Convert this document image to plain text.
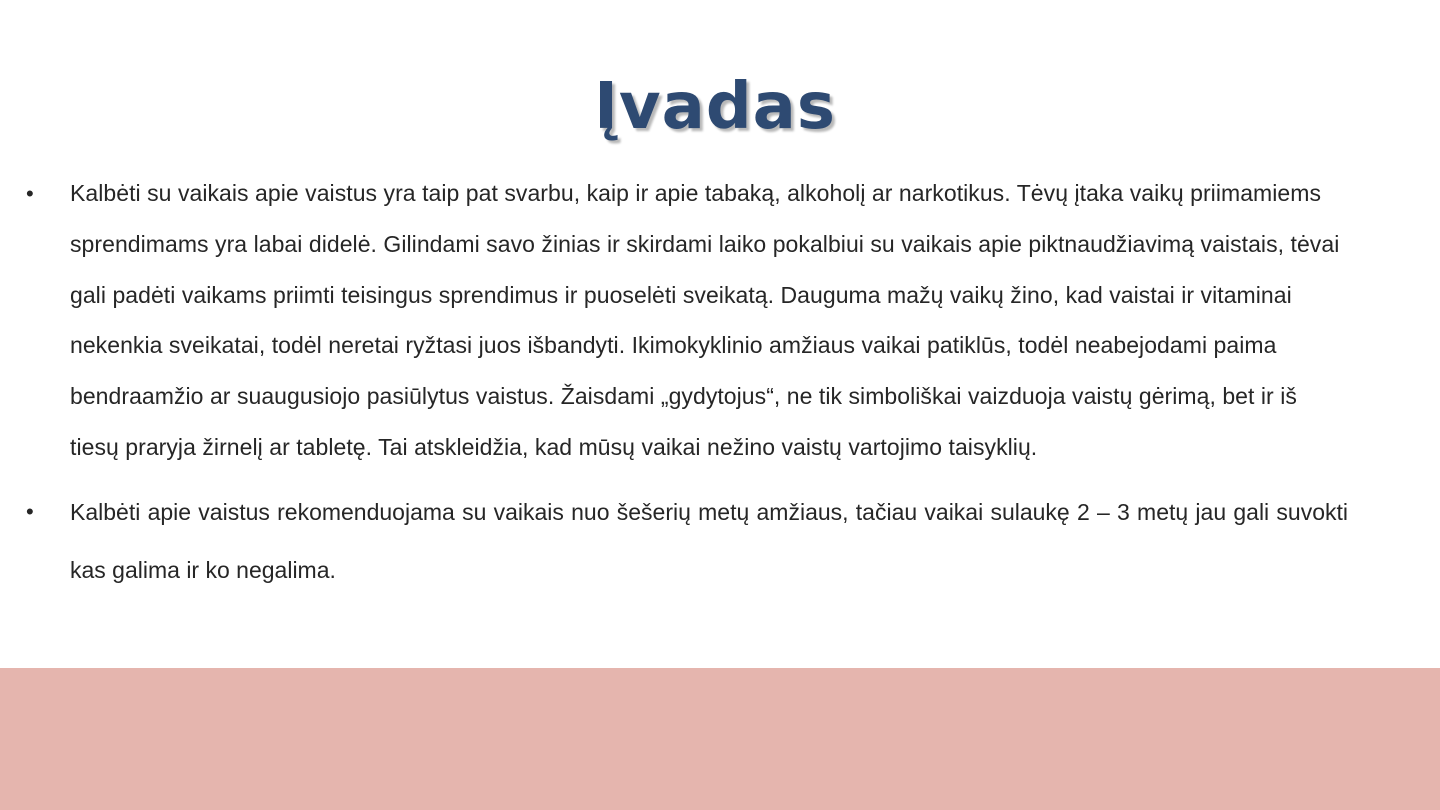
Įvadas

• Kalbėti su vaikais apie vaistus yra taip pat svarbu, kaip ir apie tabaką, alkoholį ar narkotikus. Tėvų įtaka vaikų priimamiems sprendimams yra labai didelė. Gilindami savo žinias ir skirdami laiko pokalbiui su vaikais apie piktnaudžiavimą vaistais, tėvai gali padėti vaikams priimti teisingus sprendimus ir puoselėti sveikatą. Dauguma mažų vaikų žino, kad vaistai ir vitaminai nekenkia sveikatai, todėl neretai ryžtasi juos išbandyti. Ikimokyklinio amžiaus vaikai patiklūs, todėl neabejodami paima bendraamžio ar suaugusiojo pasiūlytus vaistus. Žaisdami „gydytojus“, ne tik simboliškai vaizduoja vaistų gėrimą, bet ir iš tiesų praryja žirnelį ar tabletę. Tai atskleidžia, kad mūsų vaikai nežino vaistų vartojimo taisyklių.

• Kalbėti apie vaistus rekomenduojama su vaikais nuo šešerių metų amžiaus, tačiau vaikai sulaukę 2 – 3 metų jau gali suvokti kas galima ir ko negalima.
